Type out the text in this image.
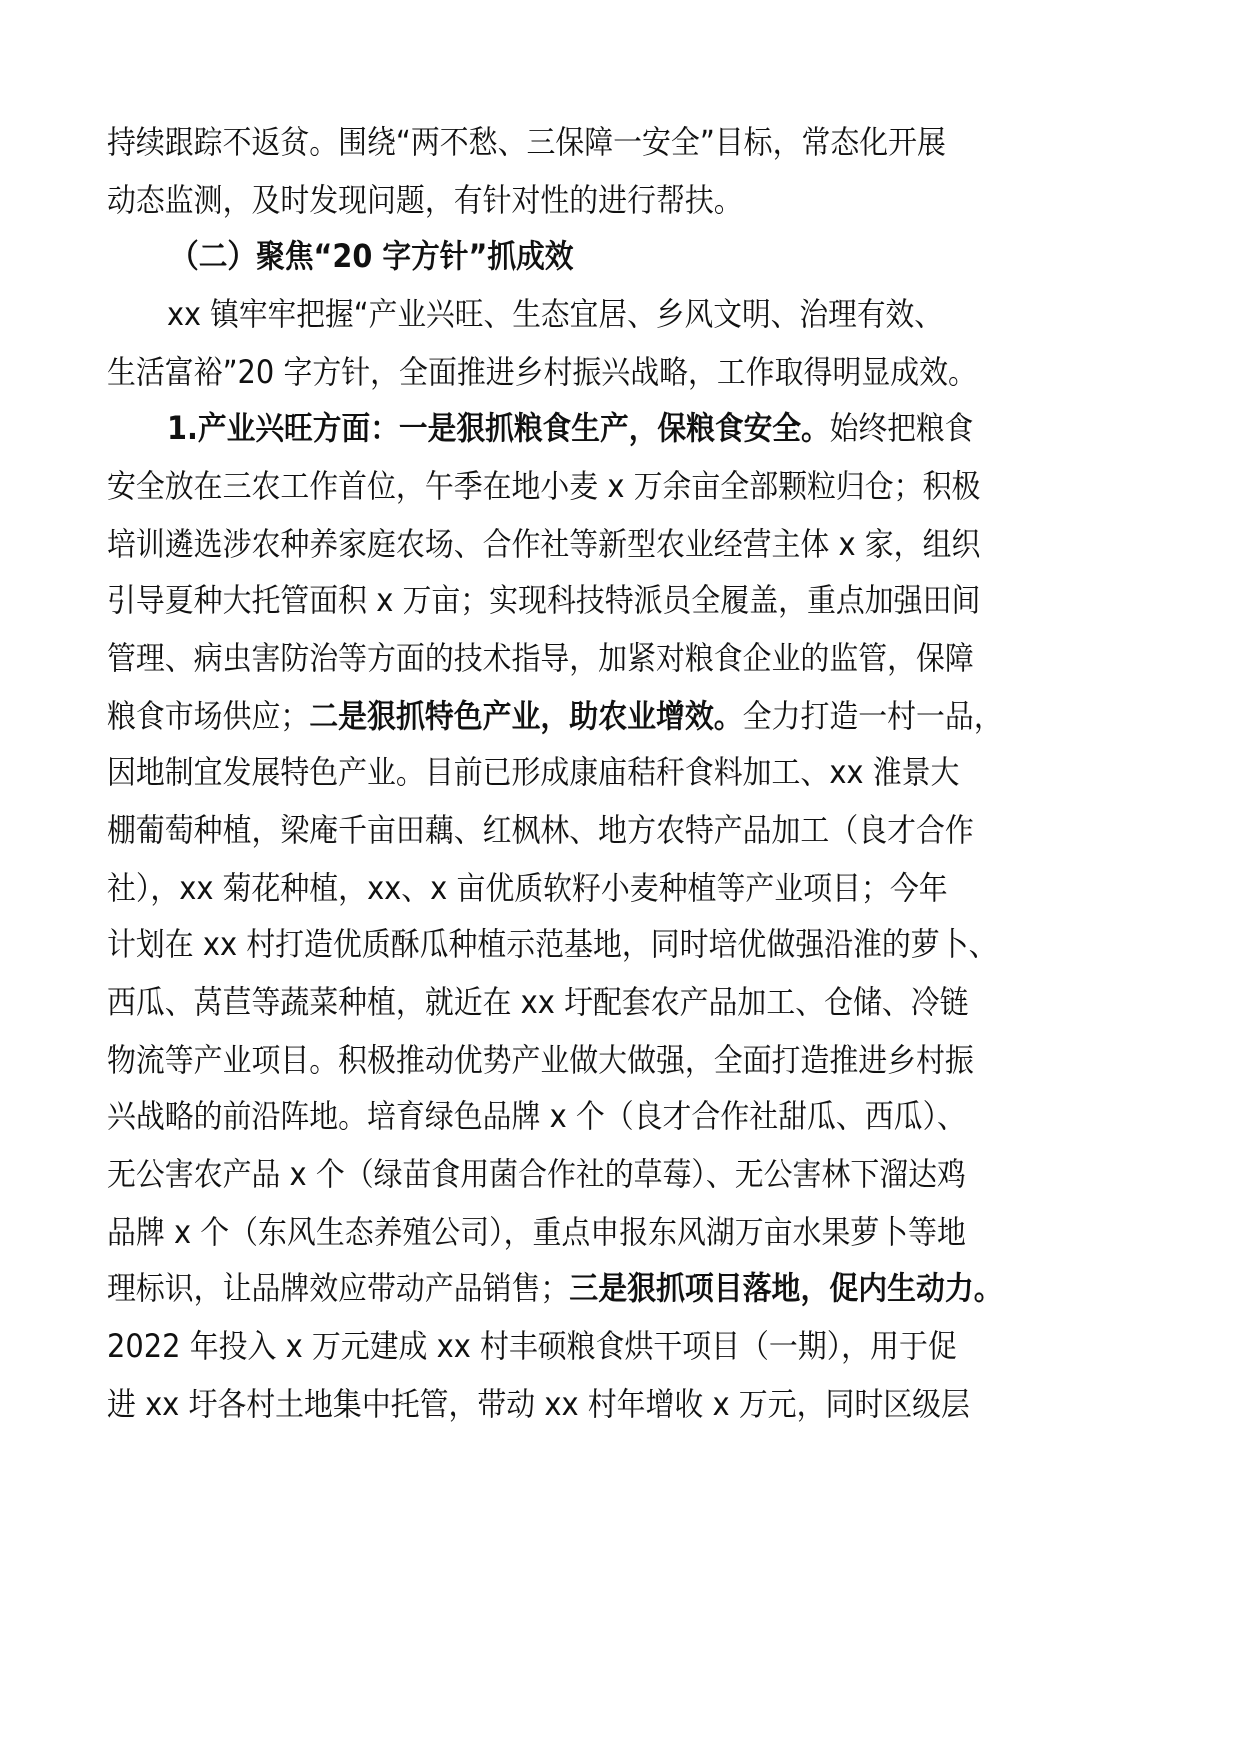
持续跟踪不返贫。围绕“两不愁、三保障一安全”目标，常态化开展
动态监测，及时发现问题，有针对性的进行帮扶。
（二）聚焦“20 字方针”抓成效
xx 镇牢牢把握“产业兴旺、生态宜居、乡风文明、治理有效、
生活富裕”20 字方针，全面推进乡村振兴战略，工作取得明显成效。
1.产业兴旺方面：一是狠抓粮食生产，保粮食安全。始终把粮食
安全放在三农工作首位，午季在地小麦 x 万余亩全部颗粒归仓；积极
培训遴选涉农种养家庭农场、合作社等新型农业经营主体 x 家，组织
引导夏种大托管面积 x 万亩；实现科技特派员全履盖，重点加强田间
管理、病虫害防治等方面的技术指导，加紧对粮食企业的监管，保障
粮食市场供应；二是狠抓特色产业，助农业增效。全力打造一村一品，
因地制宜发展特色产业。目前已形成康庙秸秆食料加工、xx 淮景大
棚葡萄种植，梁庵千亩田藕、红枫林、地方农特产品加工（良才合作
社），xx 菊花种植，xx、x 亩优质软籽小麦种植等产业项目；今年
计划在 xx 村打造优质酥瓜种植示范基地，同时培优做强沿淮的萝卜、
西瓜、莴苣等蔬菜种植，就近在 xx 圩配套农产品加工、仓储、冷链
物流等产业项目。积极推动优势产业做大做强，全面打造推进乡村振
兴战略的前沿阵地。培育绿色品牌 x 个（良才合作社甜瓜、西瓜）、
无公害农产品 x 个（绿苗食用菌合作社的草莓）、无公害林下溜达鸡
品牌 x 个（东风生态养殖公司），重点申报东风湖万亩水果萝卜等地
理标识，让品牌效应带动产品销售；三是狠抓项目落地，促内生动力。
2022 年投入 x 万元建成 xx 村丰硕粮食烘干项目（一期），用于促
进 xx 圩各村土地集中托管，带动 xx 村年增收 x 万元，同时区级层
